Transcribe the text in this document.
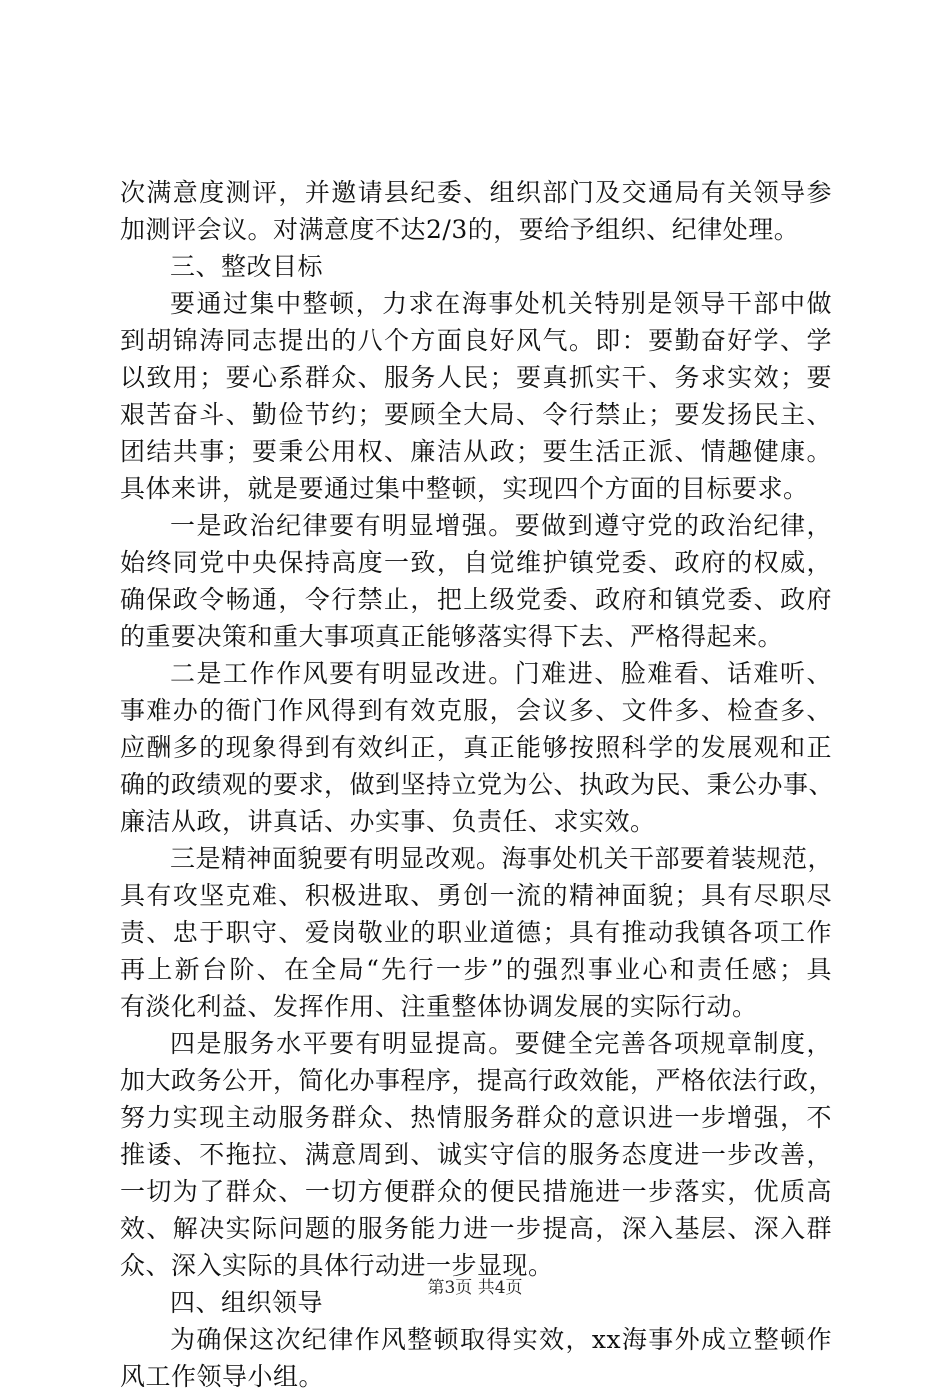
次满意度测评，并邀请县纪委、组织部门及交通局有关领导参
加测评会议。对满意度不达2/3的，要给予组织、纪律处理。
三、整改目标
要通过集中整顿，力求在海事处机关特别是领导干部中做
到胡锦涛同志提出的八个方面良好风气。即：要勤奋好学、学
以致用；要心系群众、服务人民；要真抓实干、务求实效；要
艰苦奋斗、勤俭节约；要顾全大局、令行禁止；要发扬民主、
团结共事；要秉公用权、廉洁从政；要生活正派、情趣健康。
具体来讲，就是要通过集中整顿，实现四个方面的目标要求。
一是政治纪律要有明显增强。要做到遵守党的政治纪律，
始终同党中央保持高度一致，自觉维护镇党委、政府的权威，
确保政令畅通，令行禁止，把上级党委、政府和镇党委、政府
的重要决策和重大事项真正能够落实得下去、严格得起来。
二是工作作风要有明显改进。门难进、脸难看、话难听、
事难办的衙门作风得到有效克服，会议多、文件多、检查多、
应酬多的现象得到有效纠正，真正能够按照科学的发展观和正
确的政绩观的要求，做到坚持立党为公、执政为民、秉公办事、
廉洁从政，讲真话、办实事、负责任、求实效。
三是精神面貌要有明显改观。海事处机关干部要着装规范，
具有攻坚克难、积极进取、勇创一流的精神面貌；具有尽职尽
责、忠于职守、爱岗敬业的职业道德；具有推动我镇各项工作
再上新台阶、在全局“先行一步”的强烈事业心和责任感；具
有淡化利益、发挥作用、注重整体协调发展的实际行动。
四是服务水平要有明显提高。要健全完善各项规章制度，
加大政务公开，简化办事程序，提高行政效能，严格依法行政，
努力实现主动服务群众、热情服务群众的意识进一步增强，不
推诿、不拖拉、满意周到、诚实守信的服务态度进一步改善，
一切为了群众、一切方便群众的便民措施进一步落实，优质高
效、解决实际问题的服务能力进一步提高，深入基层、深入群
众、深入实际的具体行动进一步显现。
四、组织领导
为确保这次纪律作风整顿取得实效，xx海事外成立整顿作
风工作领导小组。
第3页 共4页
